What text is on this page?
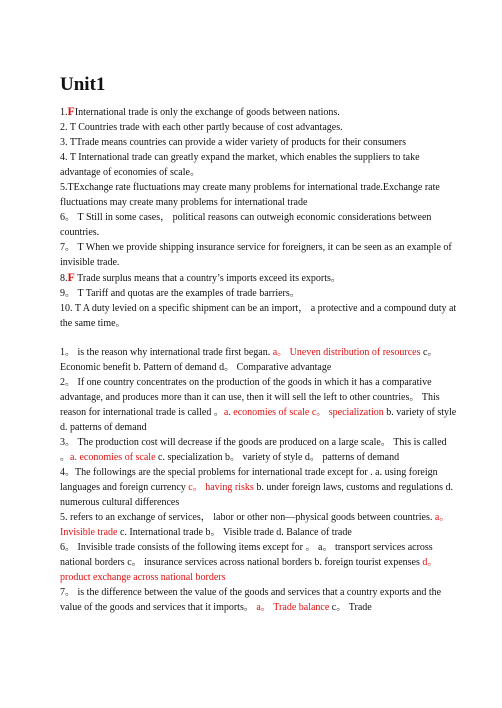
Unit1

1.FInternational trade is only the exchange of goods between nations.

2. T Countries trade with each other partly because of cost advantages.

3. TTrade means countries can provide a wider variety of products for their consumers

4. T International trade can greatly expand the market, which enables the suppliers to take advantage of economies of scale。

5.TExchange rate fluctuations may create many problems for international trade.Exchange rate fluctuations may create many problems for international trade

6。 T Still in some cases， political reasons can outweigh economic considerations between countries.

7。 T When we provide shipping insurance service for foreigners, it can be seen as an example of invisible trade.

8.F Trade surplus means that a country’s imports exceed its exports。

9。 T Tariff and quotas are the examples of trade barriers。

10. T A duty levied on a specific shipment can be an import， a protective and a compound duty at the same time。

1。 is the reason why international trade first began. a。 Uneven distribution of resources c。 Economic benefit b. Pattern of demand d。 Comparative advantage

2。 If one country concentrates on the production of the goods in which it has a comparative advantage, and produces more than it can use, then it will sell the left to other countries。 This reason for international trade is called 。a. economies of scale c。 specialization b. variety of style d. patterns of demand

3。 The production cost will decrease if the goods are produced on a large scale。 This is called 。a. economies of scale c. specialization b。 variety of style d。 patterns of demand

4。The followings are the special problems for international trade except for . a. using foreign languages and foreign currency c。 having risks b. under foreign laws, customs and regulations d. numerous cultural differences

5. refers to an exchange of services， labor or other non—physical goods between countries. a。 Invisible trade c. International trade b。 Visible trade d. Balance of trade

6。 Invisible trade consists of the following items except for 。 a。 transport services across national borders c。 insurance services across national borders b. foreign tourist expenses d。 product exchange across national borders

7。 is the difference between the value of the goods and services that a country exports and the value of the goods and services that it imports。 a。 Trade balance c。 Trade
